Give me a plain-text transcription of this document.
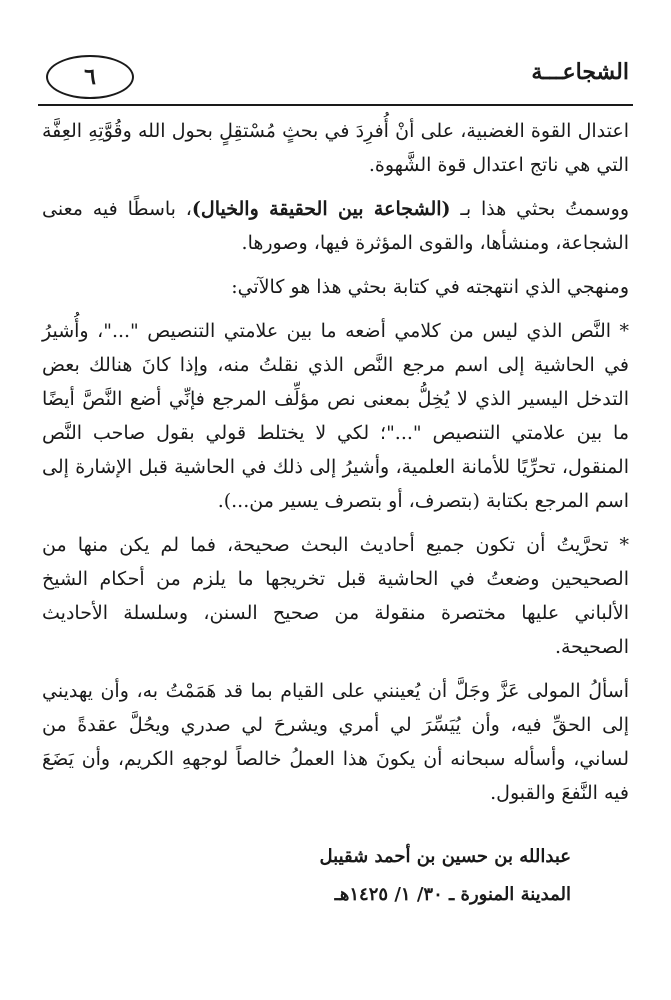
٦	الشجاعـــة

اعتدال القوة الغضبية، على أنْ أُفرِدَ في بحثٍ مُسْتقِلٍ بحول الله وقُوَّتِهِ العِفَّة التي هي ناتج اعتدال قوة الشَّهوة.

ووسمتُ بحثي هذا بـ (الشجاعة بين الحقيقة والخيال)، باسطًا فيه معنى الشجاعة، ومنشأها، والقوى المؤثرة فيها، وصورها.

ومنهجي الذي انتهجته في كتابة بحثي هذا هو كالآتي:

* النَّص الذي ليس من كلامي أضعه ما بين علامتي التنصيص "..."، وأُشيرُ في الحاشية إلى اسم مرجع النَّص الذي نقلتُ منه، وإذا كانَ هنالك بعض التدخل اليسير الذي لا يُخِلُّ بمعنى نص مؤلِّف المرجع فإنِّي أضع النَّصَّ أيضًا ما بين علامتي التنصيص "..."؛ لكي لا يختلط قولي بقول صاحب النَّص المنقول، تحرِّيًا للأمانة العلمية، وأشيرُ إلى ذلك في الحاشية قبل الإشارة إلى اسم المرجع بكتابة (بتصرف، أو بتصرف يسير من...).

* تحرَّيتُ أن تكون جميع أحاديث البحث صحيحة، فما لم يكن منها من الصحيحين وضعتُ في الحاشية قبل تخريجها ما يلزم من أحكام الشيخ الألباني عليها مختصرة منقولة من صحيح السنن، وسلسلة الأحاديث الصحيحة.

أسألُ المولى عَزَّ وجَلَّ أن يُعينني على القيام بما قد هَمَمْتُ به، وأن يهديني إلى الحقِّ فيه، وأن يُيَسِّرَ لي أمري ويشرحَ لي صدري ويحُلَّ عقدةً من لساني، وأسأله سبحانه أن يكونَ هذا العملُ خالصاً لوجههِ الكريم، وأن يَضَعَ فيه النَّفعَ والقبول.

عبدالله بن حسين بن أحمد شقيبل
المدينة المنورة ـ ٣٠/ ١/ ١٤٢٥هـ
